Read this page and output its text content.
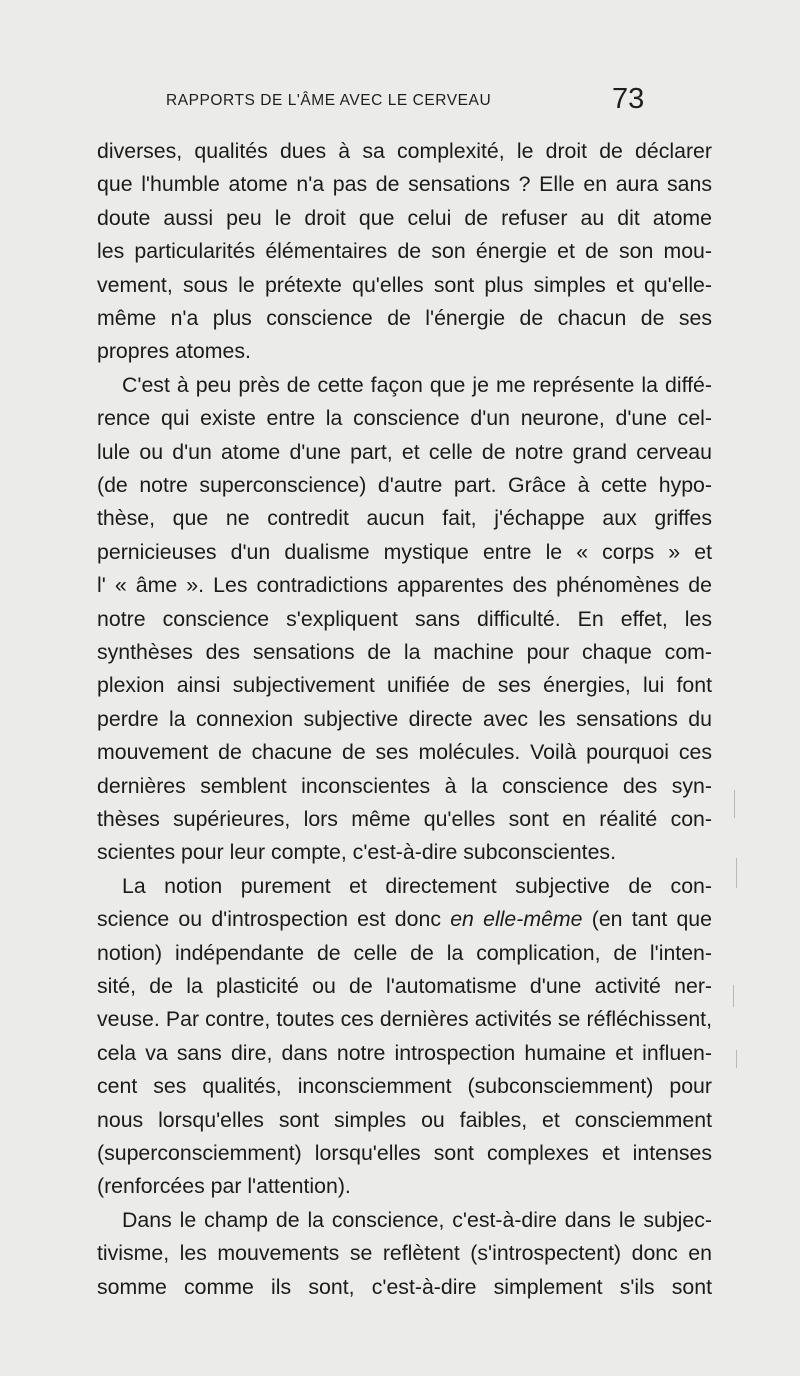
RAPPORTS DE L'ÂME AVEC LE CERVEAU	73
diverses, qualités dues à sa complexité, le droit de déclarer
que l'humble atome n'a pas de sensations ? Elle en aura sans
doute aussi peu le droit que celui de refuser au dit atome
les particularités élémentaires de son énergie et de son mou-
vement, sous le prétexte qu'elles sont plus simples et qu'elle-
même n'a plus conscience de l'énergie de chacun de ses
propres atomes.
C'est à peu près de cette façon que je me représente la diffé-
rence qui existe entre la conscience d'un neurone, d'une cel-
lule ou d'un atome d'une part, et celle de notre grand cerveau
(de notre superconscience) d'autre part. Grâce à cette hypo-
thèse, que ne contredit aucun fait, j'échappe aux griffes
pernicieuses d'un dualisme mystique entre le « corps » et
l' « âme ». Les contradictions apparentes des phénomènes de
notre conscience s'expliquent sans difficulté. En effet, les
synthèses des sensations de la machine pour chaque com-
plexion ainsi subjectivement unifiée de ses énergies, lui font
perdre la connexion subjective directe avec les sensations du
mouvement de chacune de ses molécules. Voilà pourquoi ces
dernières semblent inconscientes à la conscience des syn-
thèses supérieures, lors même qu'elles sont en réalité con-
scientes pour leur compte, c'est-à-dire subconscientes.
La notion purement et directement subjective de con-
science ou d'introspection est donc en elle-même (en tant que
notion) indépendante de celle de la complication, de l'inten-
sité, de la plasticité ou de l'automatisme d'une activité ner-
veuse. Par contre, toutes ces dernières activités se réfléchissent,
cela va sans dire, dans notre introspection humaine et influen-
cent ses qualités, inconsciemment (subconsciemment) pour
nous lorsqu'elles sont simples ou faibles, et consciemment
(superconsciemment) lorsqu'elles sont complexes et intenses
(renforcées par l'attention).
Dans le champ de la conscience, c'est-à-dire dans le subjec-
tivisme, les mouvements se reflètent (s'introspectent) donc en
somme comme ils sont, c'est-à-dire simplement s'ils sont
